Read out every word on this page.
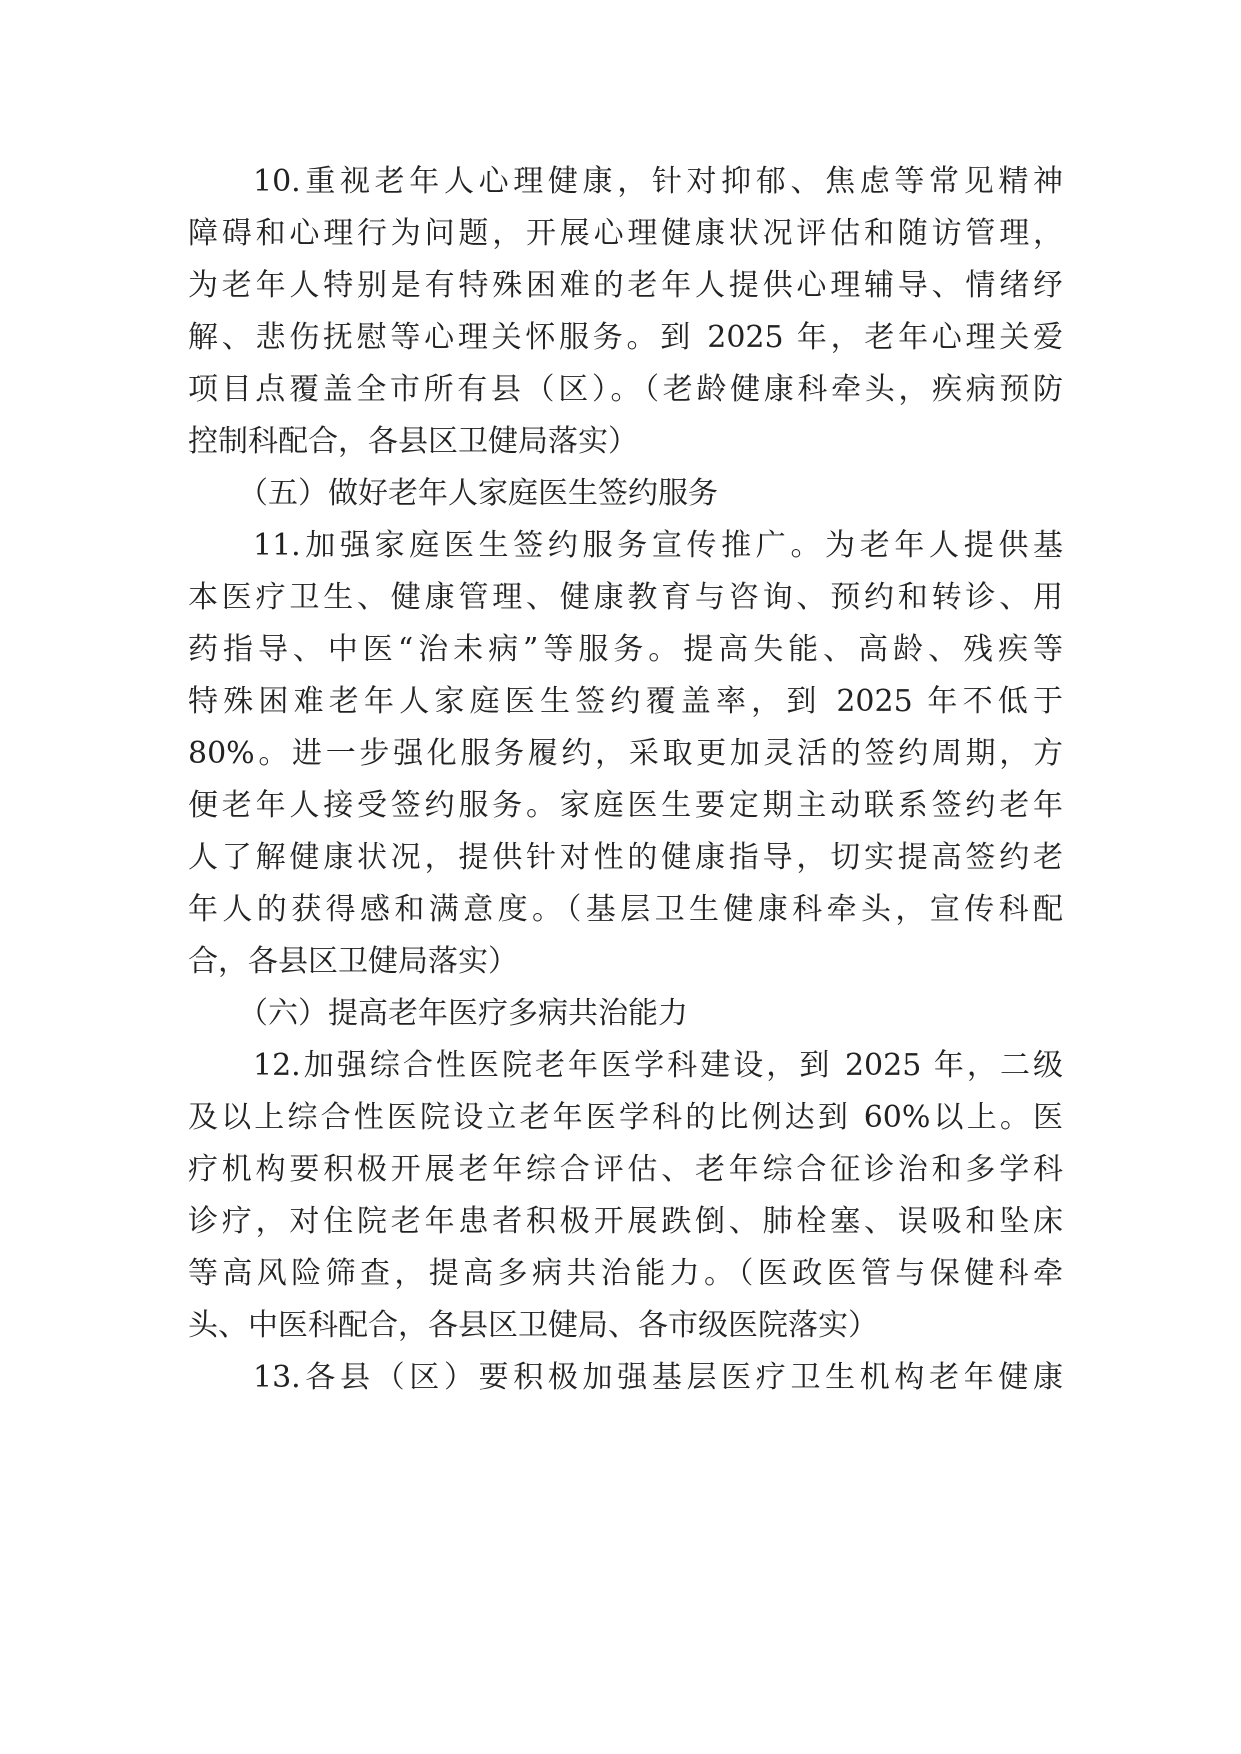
10.重视老年人心理健康，针对抑郁、焦虑等常见精神
障碍和心理行为问题，开展心理健康状况评估和随访管理，
为老年人特别是有特殊困难的老年人提供心理辅导、情绪纾
解、悲伤抚慰等心理关怀服务。到 2025 年，老年心理关爱
项目点覆盖全市所有县（区）。（老龄健康科牵头，疾病预防
控制科配合，各县区卫健局落实）
（五）做好老年人家庭医生签约服务
11.加强家庭医生签约服务宣传推广。为老年人提供基
本医疗卫生、健康管理、健康教育与咨询、预约和转诊、用
药指导、中医“治未病”等服务。提高失能、高龄、残疾等
特殊困难老年人家庭医生签约覆盖率，到 2025 年不低于
80%。进一步强化服务履约，采取更加灵活的签约周期，方
便老年人接受签约服务。家庭医生要定期主动联系签约老年
人了解健康状况，提供针对性的健康指导，切实提高签约老
年人的获得感和满意度。（基层卫生健康科牵头，宣传科配
合，各县区卫健局落实）
（六）提高老年医疗多病共治能力
12.加强综合性医院老年医学科建设，到 2025 年，二级
及以上综合性医院设立老年医学科的比例达到 60%以上。医
疗机构要积极开展老年综合评估、老年综合征诊治和多学科
诊疗，对住院老年患者积极开展跌倒、肺栓塞、误吸和坠床
等高风险筛查，提高多病共治能力。（医政医管与保健科牵
头、中医科配合，各县区卫健局、各市级医院落实）
13.各县（区）要积极加强基层医疗卫生机构老年健康
